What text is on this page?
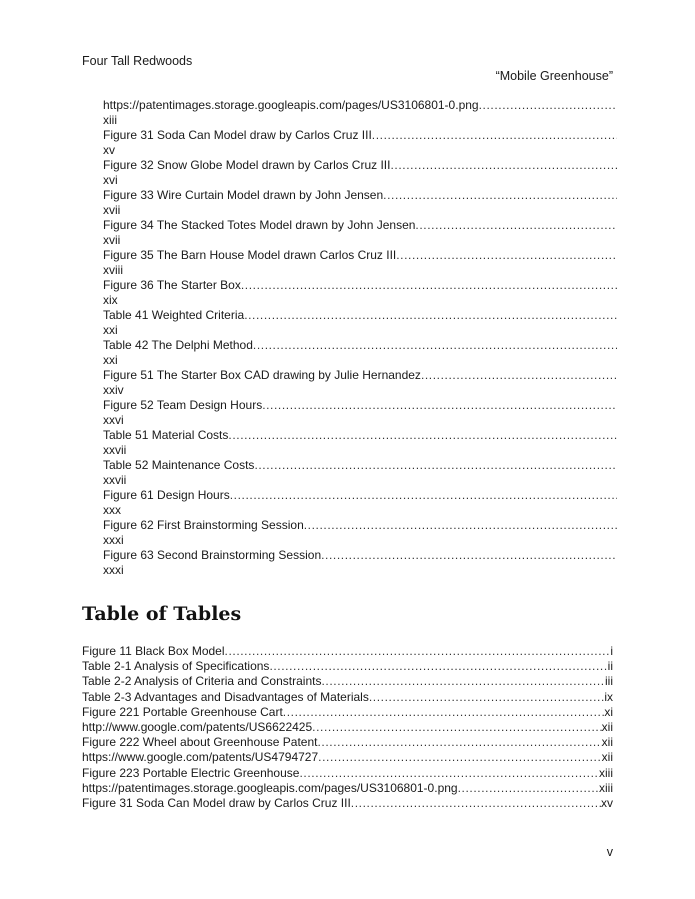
Four Tall Redwoods
“Mobile Greenhouse”
https://patentimages.storage.googleapis.com/pages/US3106801-0.png
.....
xiii
Figure 31 Soda Can Model draw by Carlos Cruz III
.....
xv
Figure 32 Snow Globe Model drawn by Carlos Cruz III
.....
xvi
Figure 33 Wire Curtain Model drawn by John Jensen
.....
xvii
Figure 34 The Stacked Totes Model drawn by John Jensen
.....
xvii
Figure 35 The Barn House Model drawn Carlos Cruz III
.....
xviii
Figure 36 The Starter Box
.....
xix
Table 41 Weighted Criteria
.....
xxi
Table 42 The Delphi Method
.....
xxi
Figure 51 The Starter Box CAD drawing by Julie Hernandez
.....
xxiv
Figure 52 Team Design Hours
.....
xxvi
Table 51 Material Costs
.....
xxvii
Table 52 Maintenance Costs
.....
xxvii
Figure 61 Design Hours
.....
xxx
Figure 62 First Brainstorming Session
.....
xxxi
Figure 63 Second Brainstorming Session
.....
xxxi
Table of Tables
Figure 11 Black Box Model .....	i
Table 2-1 Analysis of Specifications .....	ii
Table 2-2 Analysis of Criteria and Constraints .....	iii
Table 2-3 Advantages and Disadvantages of Materials .....	ix
Figure 221 Portable Greenhouse Cart .....	xi
http://www.google.com/patents/US6622425 .....	xii
Figure 222 Wheel about Greenhouse Patent .....	xii
https://www.google.com/patents/US4794727 .....	xii
Figure 223 Portable Electric Greenhouse .....	xiii
https://patentimages.storage.googleapis.com/pages/US3106801-0.png .....	xiii
Figure 31 Soda Can Model draw by Carlos Cruz III .....	xv
v
